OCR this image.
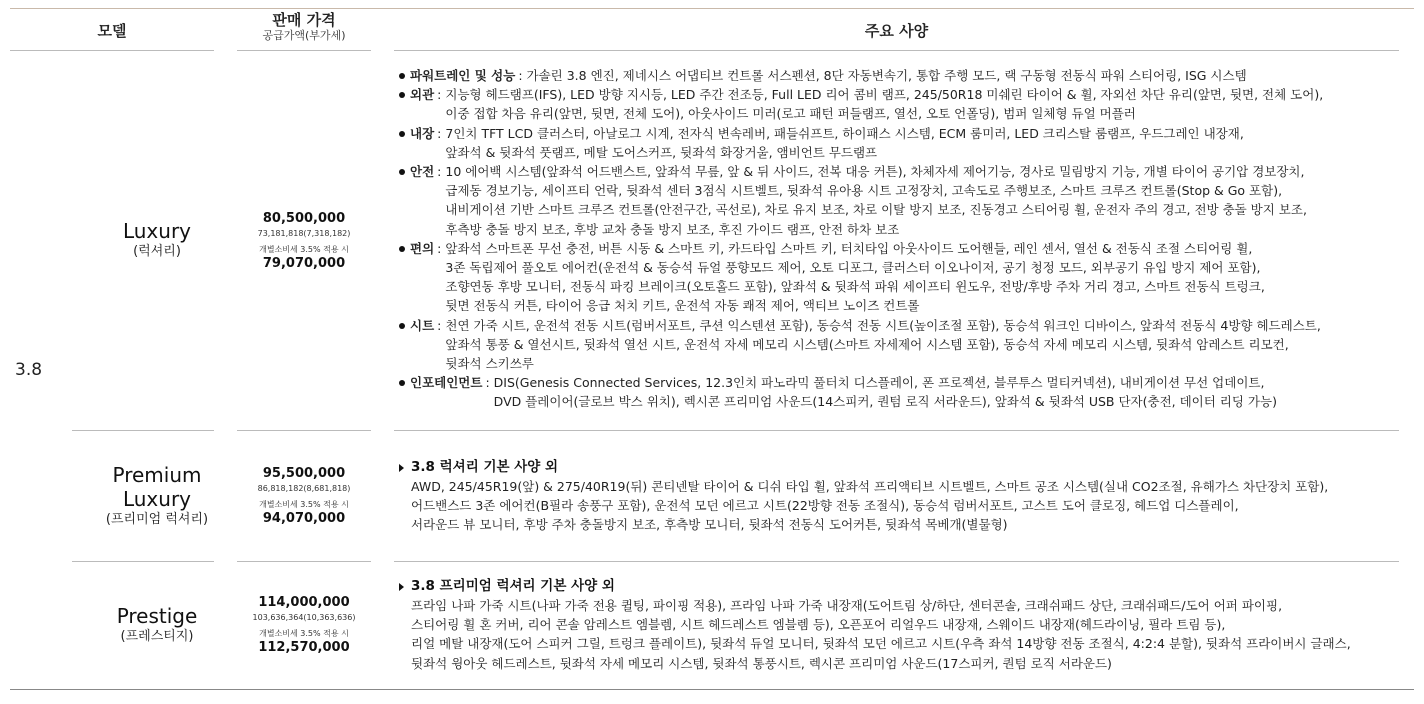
모델
판매 가격
공급가액(부가세)	주요 사양
3.8
Luxury
(럭셔리)
80,500,000
73,181,818(7,318,182)
개별소비세 3.5% 적용 시
79,070,000
Premium
Luxury
(프리미엄 럭셔리)
95,500,000
86,818,182(8,681,818)
개별소비세 3.5% 적용 시
94,070,000
Prestige
(프레스티지)
114,000,000
103,636,364(10,363,636)
개별소비세 3.5% 적용 시
112,570,000
파워트레인 및 성능 : 가솔린 3.8 엔진, 제네시스 어댑티브 컨트롤 서스펜션, 8단 자동변속기, 통합 주행 모드, 랙 구동형 전동식 파워 스티어링, ISG 시스템
외관 : 지능형 헤드램프(IFS), LED 방향 지시등, LED 주간 전조등, Full LED 리어 콤비 램프, 245/50R18 미쉐린 타이어 & 휠, 자외선 차단 유리(앞면, 뒷면, 전체 도어),
이중 접합 차음 유리(앞면, 뒷면, 전체 도어), 아웃사이드 미러(로고 패턴 퍼들램프, 열선, 오토 언폴딩), 범퍼 일체형 듀얼 머플러
내장 : 7인치 TFT LCD 클러스터, 아날로그 시계, 전자식 변속레버, 패들쉬프트, 하이패스 시스템, ECM 룸미러, LED 크리스탈 룸램프, 우드그레인 내장재,
앞좌석 & 뒷좌석 풋램프, 메탈 도어스커프, 뒷좌석 화장거울, 앰비언트 무드램프
안전 : 10 에어백 시스템(앞좌석 어드밴스트, 앞좌석 무릎, 앞 & 뒤 사이드, 전복 대응 커튼), 차체자세 제어기능, 경사로 밀림방지 기능, 개별 타이어 공기압 경보장치,
급제동 경보기능, 세이프티 언락, 뒷좌석 센터 3점식 시트벨트, 뒷좌석 유아용 시트 고정장치, 고속도로 주행보조, 스마트 크루즈 컨트롤(Stop & Go 포함),
내비게이션 기반 스마트 크루즈 컨트롤(안전구간, 곡선로), 차로 유지 보조, 차로 이탈 방지 보조, 진동경고 스티어링 휠, 운전자 주의 경고, 전방 충돌 방지 보조,
후측방 충돌 방지 보조, 후방 교차 충돌 방지 보조, 후진 가이드 램프, 안전 하차 보조
편의 : 앞좌석 스마트폰 무선 충전, 버튼 시동 & 스마트 키, 카드타입 스마트 키, 터치타입 아웃사이드 도어핸들, 레인 센서, 열선 & 전동식 조절 스티어링 휠,
3존 독립제어 풀오토 에어컨(운전석 & 동승석 듀얼 풍향모드 제어, 오토 디포그, 클러스터 이오나이저, 공기 청정 모드, 외부공기 유입 방지 제어 포함),
조향연동 후방 모니터, 전동식 파킹 브레이크(오토홀드 포함), 앞좌석 & 뒷좌석 파워 세이프티 윈도우, 전방/후방 주차 거리 경고, 스마트 전동식 트렁크,
뒷면 전동식 커튼, 타이어 응급 처치 키트, 운전석 자동 쾌적 제어, 액티브 노이즈 컨트롤
시트 : 천연 가죽 시트, 운전석 전동 시트(럼버서포트, 쿠션 익스텐션 포함), 동승석 전동 시트(높이조절 포함), 동승석 워크인 디바이스, 앞좌석 전동식 4방향 헤드레스트,
앞좌석 통풍 & 열선시트, 뒷좌석 열선 시트, 운전석 자세 메모리 시스템(스마트 자세제어 시스템 포함), 동승석 자세 메모리 시스템, 뒷좌석 암레스트 리모컨,
뒷좌석 스키쓰루
인포테인먼트 : DIS(Genesis Connected Services, 12.3인치 파노라믹 풀터치 디스플레이, 폰 프로젝션, 블루투스 멀티커넥션), 내비게이션 무선 업데이트,
DVD 플레이어(글로브 박스 위치), 렉시콘 프리미엄 사운드(14스피커, 퀀텀 로직 서라운드), 앞좌석 & 뒷좌석 USB 단자(충전, 데이터 리딩 가능)
3.8 럭셔리 기본 사양 외
AWD, 245/45R19(앞) & 275/40R19(뒤) 콘티넨탈 타이어 & 디쉬 타입 휠, 앞좌석 프리액티브 시트벨트, 스마트 공조 시스템(실내 CO2조절, 유해가스 차단장치 포함),
어드밴스드 3존 에어컨(B필라 송풍구 포함), 운전석 모던 에르고 시트(22방향 전동 조절식), 동승석 럼버서포트, 고스트 도어 클로징, 헤드업 디스플레이,
서라운드 뷰 모니터, 후방 주차 충돌방지 보조, 후측방 모니터, 뒷좌석 전동식 도어커튼, 뒷좌석 목베개(별물형)
3.8 프리미엄 럭셔리 기본 사양 외
프라임 나파 가죽 시트(나파 가죽 전용 퀼팅, 파이핑 적용), 프라임 나파 가죽 내장재(도어트림 상/하단, 센터콘솔, 크래쉬패드 상단, 크래쉬패드/도어 어퍼 파이핑,
스티어링 휠 혼 커버, 리어 콘솔 암레스트 엠블렘, 시트 헤드레스트 엠블렘 등), 오픈포어 리얼우드 내장재, 스웨이드 내장재(헤드라이닝, 필라 트림 등),
리얼 메탈 내장재(도어 스피커 그릴, 트렁크 플레이트), 뒷좌석 듀얼 모니터, 뒷좌석 모던 에르고 시트(우측 좌석 14방향 전동 조절식, 4:2:4 분할), 뒷좌석 프라이버시 글래스,
뒷좌석 윙아웃 헤드레스트, 뒷좌석 자세 메모리 시스템, 뒷좌석 통풍시트, 렉시콘 프리미엄 사운드(17스피커, 퀀텀 로직 서라운드)
